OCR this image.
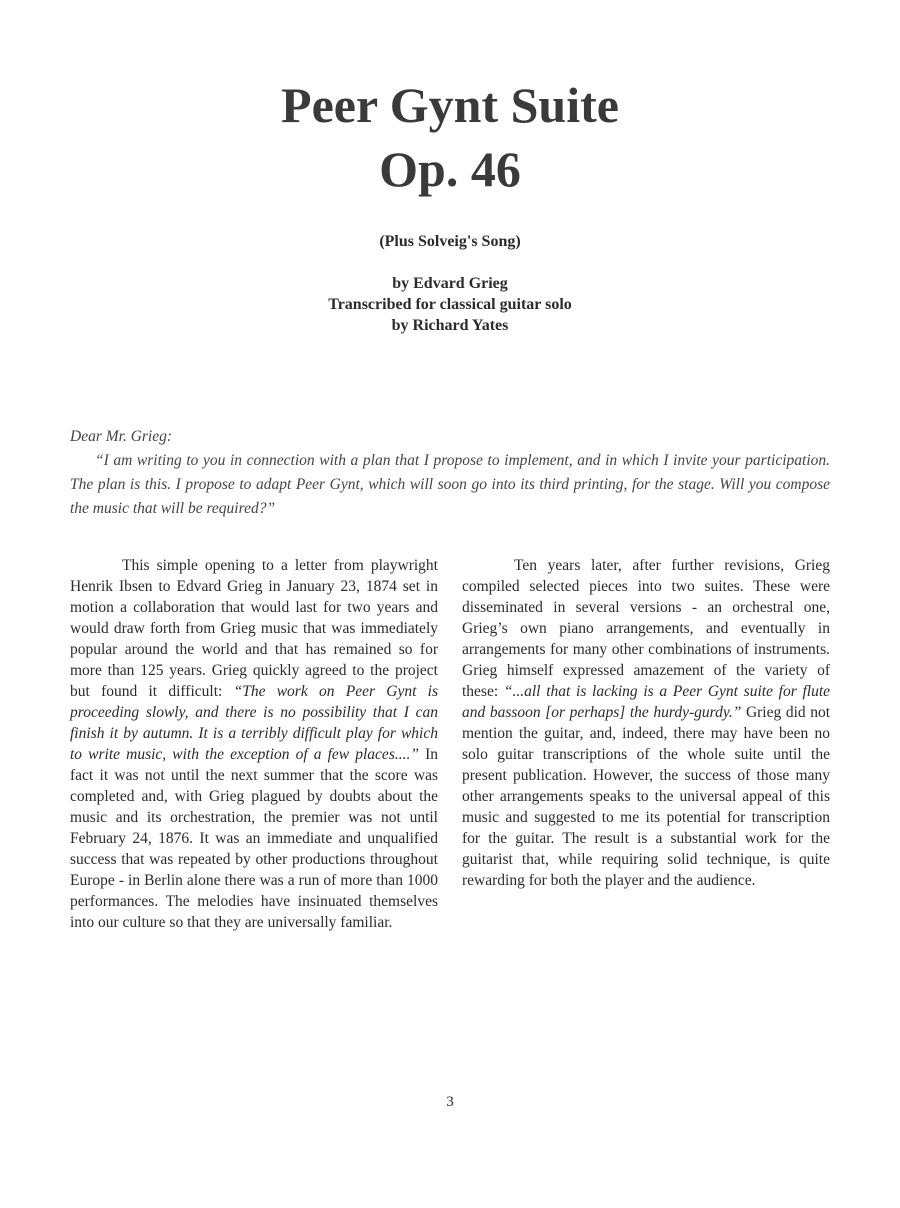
Peer Gynt Suite
Op. 46
(Plus Solveig's Song)
by Edvard Grieg
Transcribed for classical guitar solo
by Richard Yates

Dear Mr. Grieg:

“I am writing to you in connection with a plan that I propose to implement, and in which I invite your participation. The plan is this. I propose to adapt Peer Gynt, which will soon go into its third printing, for the stage. Will you compose the music that will be required?”

This simple opening to a letter from playwright Henrik Ibsen to Edvard Grieg in January 23, 1874 set in motion a collaboration that would last for two years and would draw forth from Grieg music that was immediately popular around the world and that has remained so for more than 125 years. Grieg quickly agreed to the project but found it difficult: “The work on Peer Gynt is proceeding slowly, and there is no possibility that I can finish it by autumn. It is a terribly difficult play for which to write music, with the exception of a few places....” In fact it was not until the next summer that the score was completed and, with Grieg plagued by doubts about the music and its orchestration, the premier was not until February 24, 1876. It was an immediate and unqualified success that was repeated by other productions throughout Europe - in Berlin alone there was a run of more than 1000 performances. The melodies have insinuated themselves into our culture so that they are universally familiar.

Ten years later, after further revisions, Grieg compiled selected pieces into two suites. These were disseminated in several versions - an orchestral one, Grieg’s own piano arrangements, and eventually in arrangements for many other combinations of instruments. Grieg himself expressed amazement of the variety of these: “...all that is lacking is a Peer Gynt suite for flute and bassoon [or perhaps] the hurdy-gurdy.” Grieg did not mention the guitar, and, indeed, there may have been no solo guitar transcriptions of the whole suite until the present publication. However, the success of those many other arrangements speaks to the universal appeal of this music and suggested to me its potential for transcription for the guitar. The result is a substantial work for the guitarist that, while requiring solid technique, is quite rewarding for both the player and the audience.

3
